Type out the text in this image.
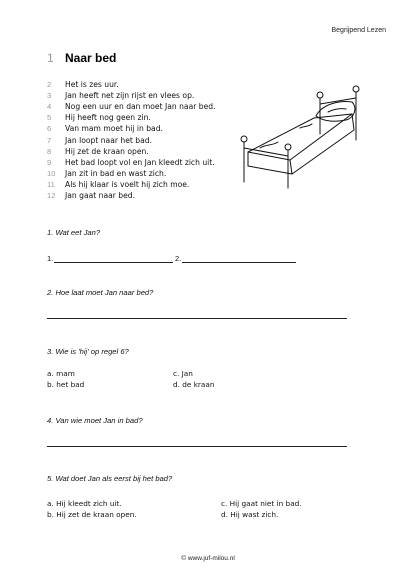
Begrijpend Lezen
1 Naar bed
2	Het is zes uur.
3	Jan heeft net zijn rijst en vlees op.
4	Nog een uur en dan moet Jan naar bed.
5	Hij heeft nog geen zin.
6	Van mam moet hij in bad.
7	Jan loopt naar het bad.
8	Hij zet de kraan open.
9	Het bad loopt vol en Jan kleedt zich uit.
10	Jan zit in bad en wast zich.
11	Als hij klaar is voelt hij zich moe.
12	Jan gaat naar bed.
1. Wat eet Jan?
1.	2.
2. Hoe laat moet Jan naar bed?
3. Wie is 'hij' op regel 6?
a. mam	c. Jan
b. het bad	d. de kraan
4. Van wie moet Jan in bad?
5. Wat doet Jan als eerst bij het bad?
a. Hij kleedt zich uit.	c. Hij gaat niet in bad.
b. Hij zet de kraan open.	d. Hij wast zich.
© www.juf-milou.nl
